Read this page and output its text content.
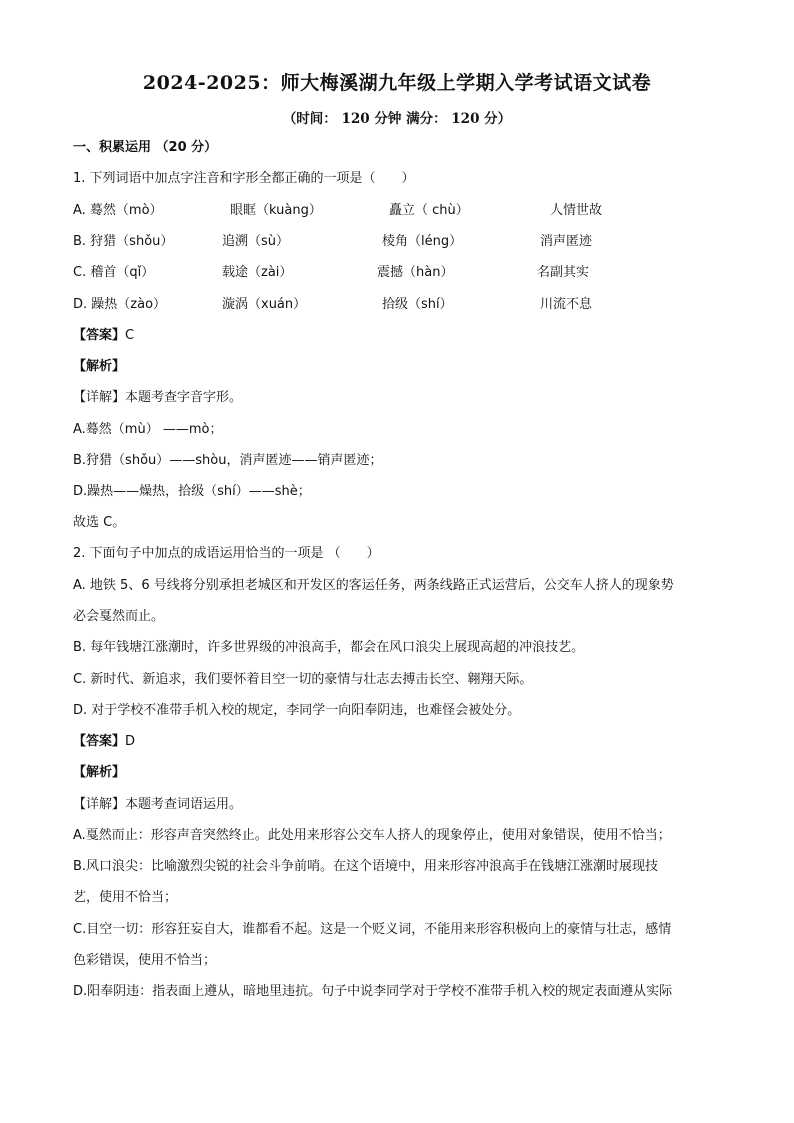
2024-2025：师大梅溪湖九年级上学期入学考试语文试卷
（时间： 120 分钟 满分： 120 分）
一、积累运用 （20 分）
1. 下列词语中加点字注音和字形全都正确的一项是（　　）
A. 蓦然（mò）	眼眶（kuàng）	矗立（ chù）	人情世故
B. 狩猎（shǒu）	追溯（sù）	棱角（léng）	消声匿迹
C. 稽首（qǐ）	载途（zài）	震撼（hàn）	名副其实
D. 躁热（zào）	漩涡（xuán）	拾级（shí）	川流不息
【答案】C
【解析】
【详解】本题考查字音字形。
A.蓦然（mù） ——mò；
B.狩猎（shǒu）——shòu，消声匿迹——销声匿迹；
D.躁热——燥热，拾级（shí）——shè；
故选 C。
2. 下面句子中加点的成语运用恰当的一项是 （　　）
A. 地铁 5、6 号线将分别承担老城区和开发区的客运任务，两条线路正式运营后，公交车人挤人的现象势
必会戛然而止。
B. 每年钱塘江涨潮时，许多世界级的冲浪高手，都会在风口浪尖上展现高超的冲浪技艺。
C. 新时代、新追求，我们要怀着目空一切的豪情与壮志去搏击长空、翱翔天际。
D. 对于学校不准带手机入校的规定，李同学一向阳奉阴违，也难怪会被处分。
【答案】D
【解析】
【详解】本题考查词语运用。
A.戛然而止：形容声音突然终止。此处用来形容公交车人挤人的现象停止，使用对象错误，使用不恰当；
B.风口浪尖：比喻激烈尖锐的社会斗争前哨。在这个语境中，用来形容冲浪高手在钱塘江涨潮时展现技
艺，使用不恰当；
C.目空一切：形容狂妄自大，谁都看不起。这是一个贬义词，不能用来形容积极向上的豪情与壮志，感情
色彩错误，使用不恰当；
D.阳奉阴违：指表面上遵从，暗地里违抗。句子中说李同学对于学校不准带手机入校的规定表面遵从实际
